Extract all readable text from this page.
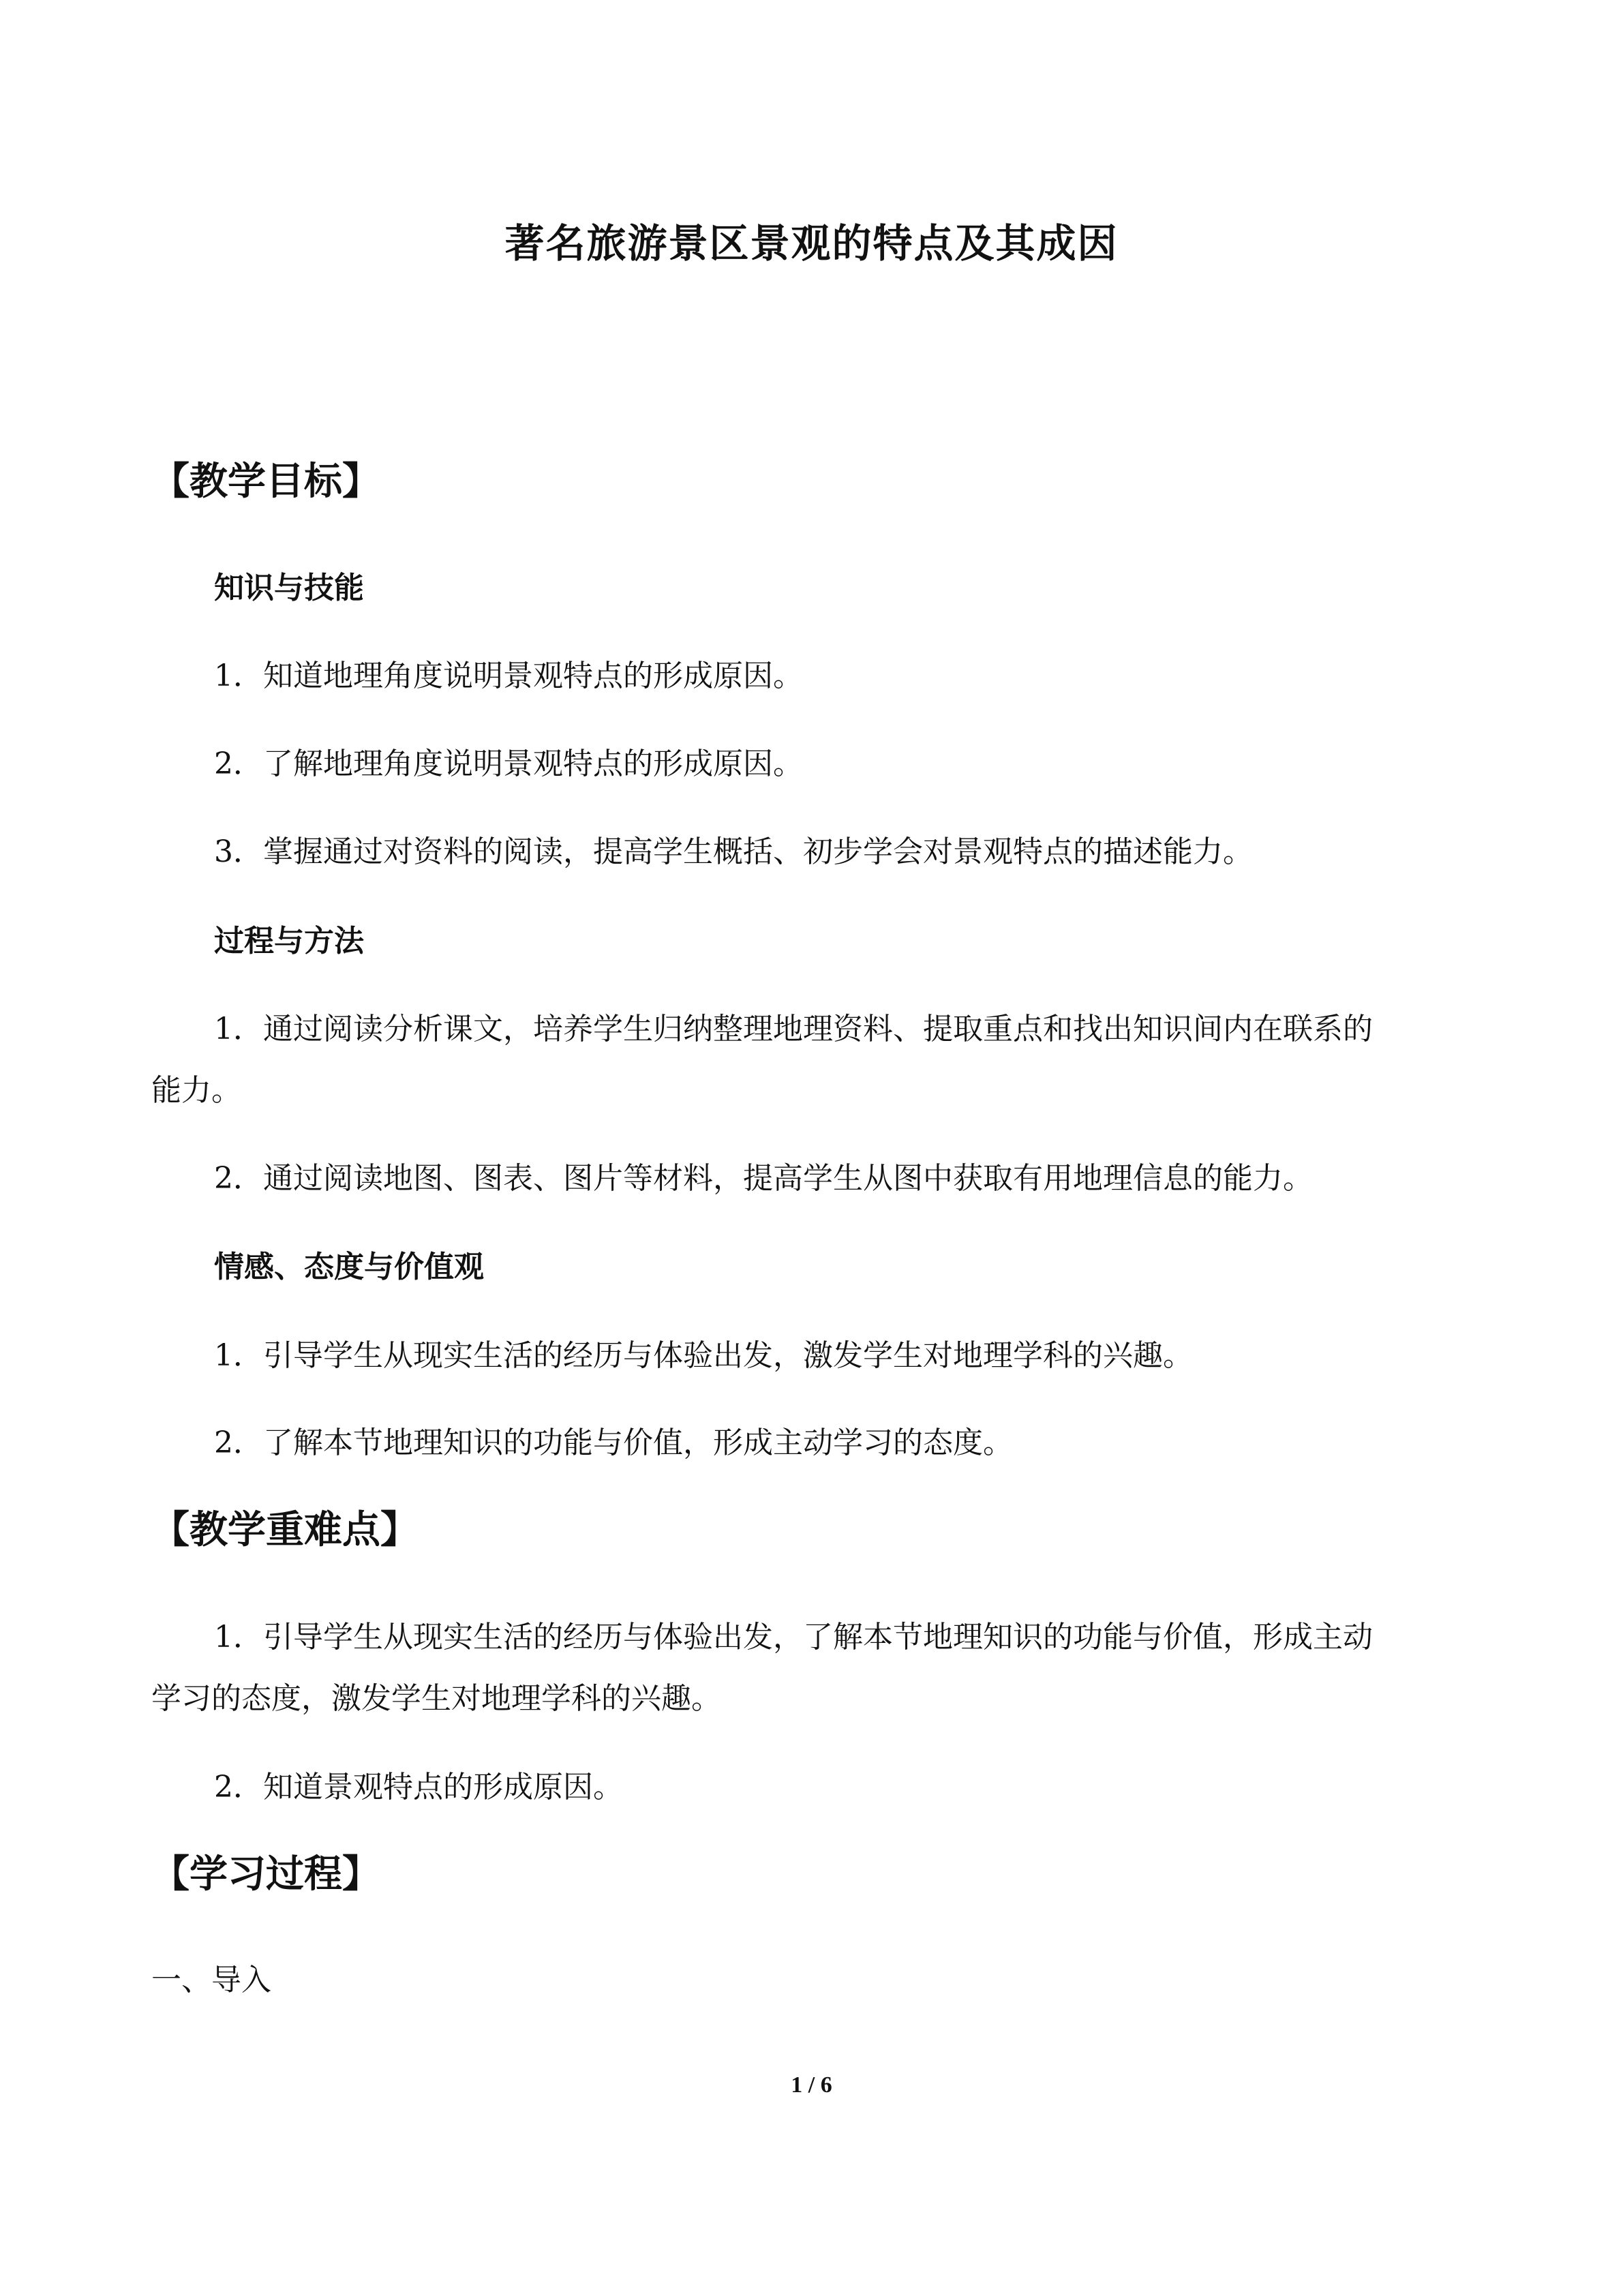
著名旅游景区景观的特点及其成因
【教学目标】
知识与技能
1．知道地理角度说明景观特点的形成原因。
2．了解地理角度说明景观特点的形成原因。
3．掌握通过对资料的阅读，提高学生概括、初步学会对景观特点的描述能力。
过程与方法
1．通过阅读分析课文，培养学生归纳整理地理资料、提取重点和找出知识间内在联系的
能力。
2．通过阅读地图、图表、图片等材料，提高学生从图中获取有用地理信息的能力。
情感、态度与价值观
1．引导学生从现实生活的经历与体验出发，激发学生对地理学科的兴趣。
2．了解本节地理知识的功能与价值，形成主动学习的态度。
【教学重难点】
1．引导学生从现实生活的经历与体验出发，了解本节地理知识的功能与价值，形成主动
学习的态度，激发学生对地理学科的兴趣。
2．知道景观特点的形成原因。
【学习过程】
一、导入
1 / 6
